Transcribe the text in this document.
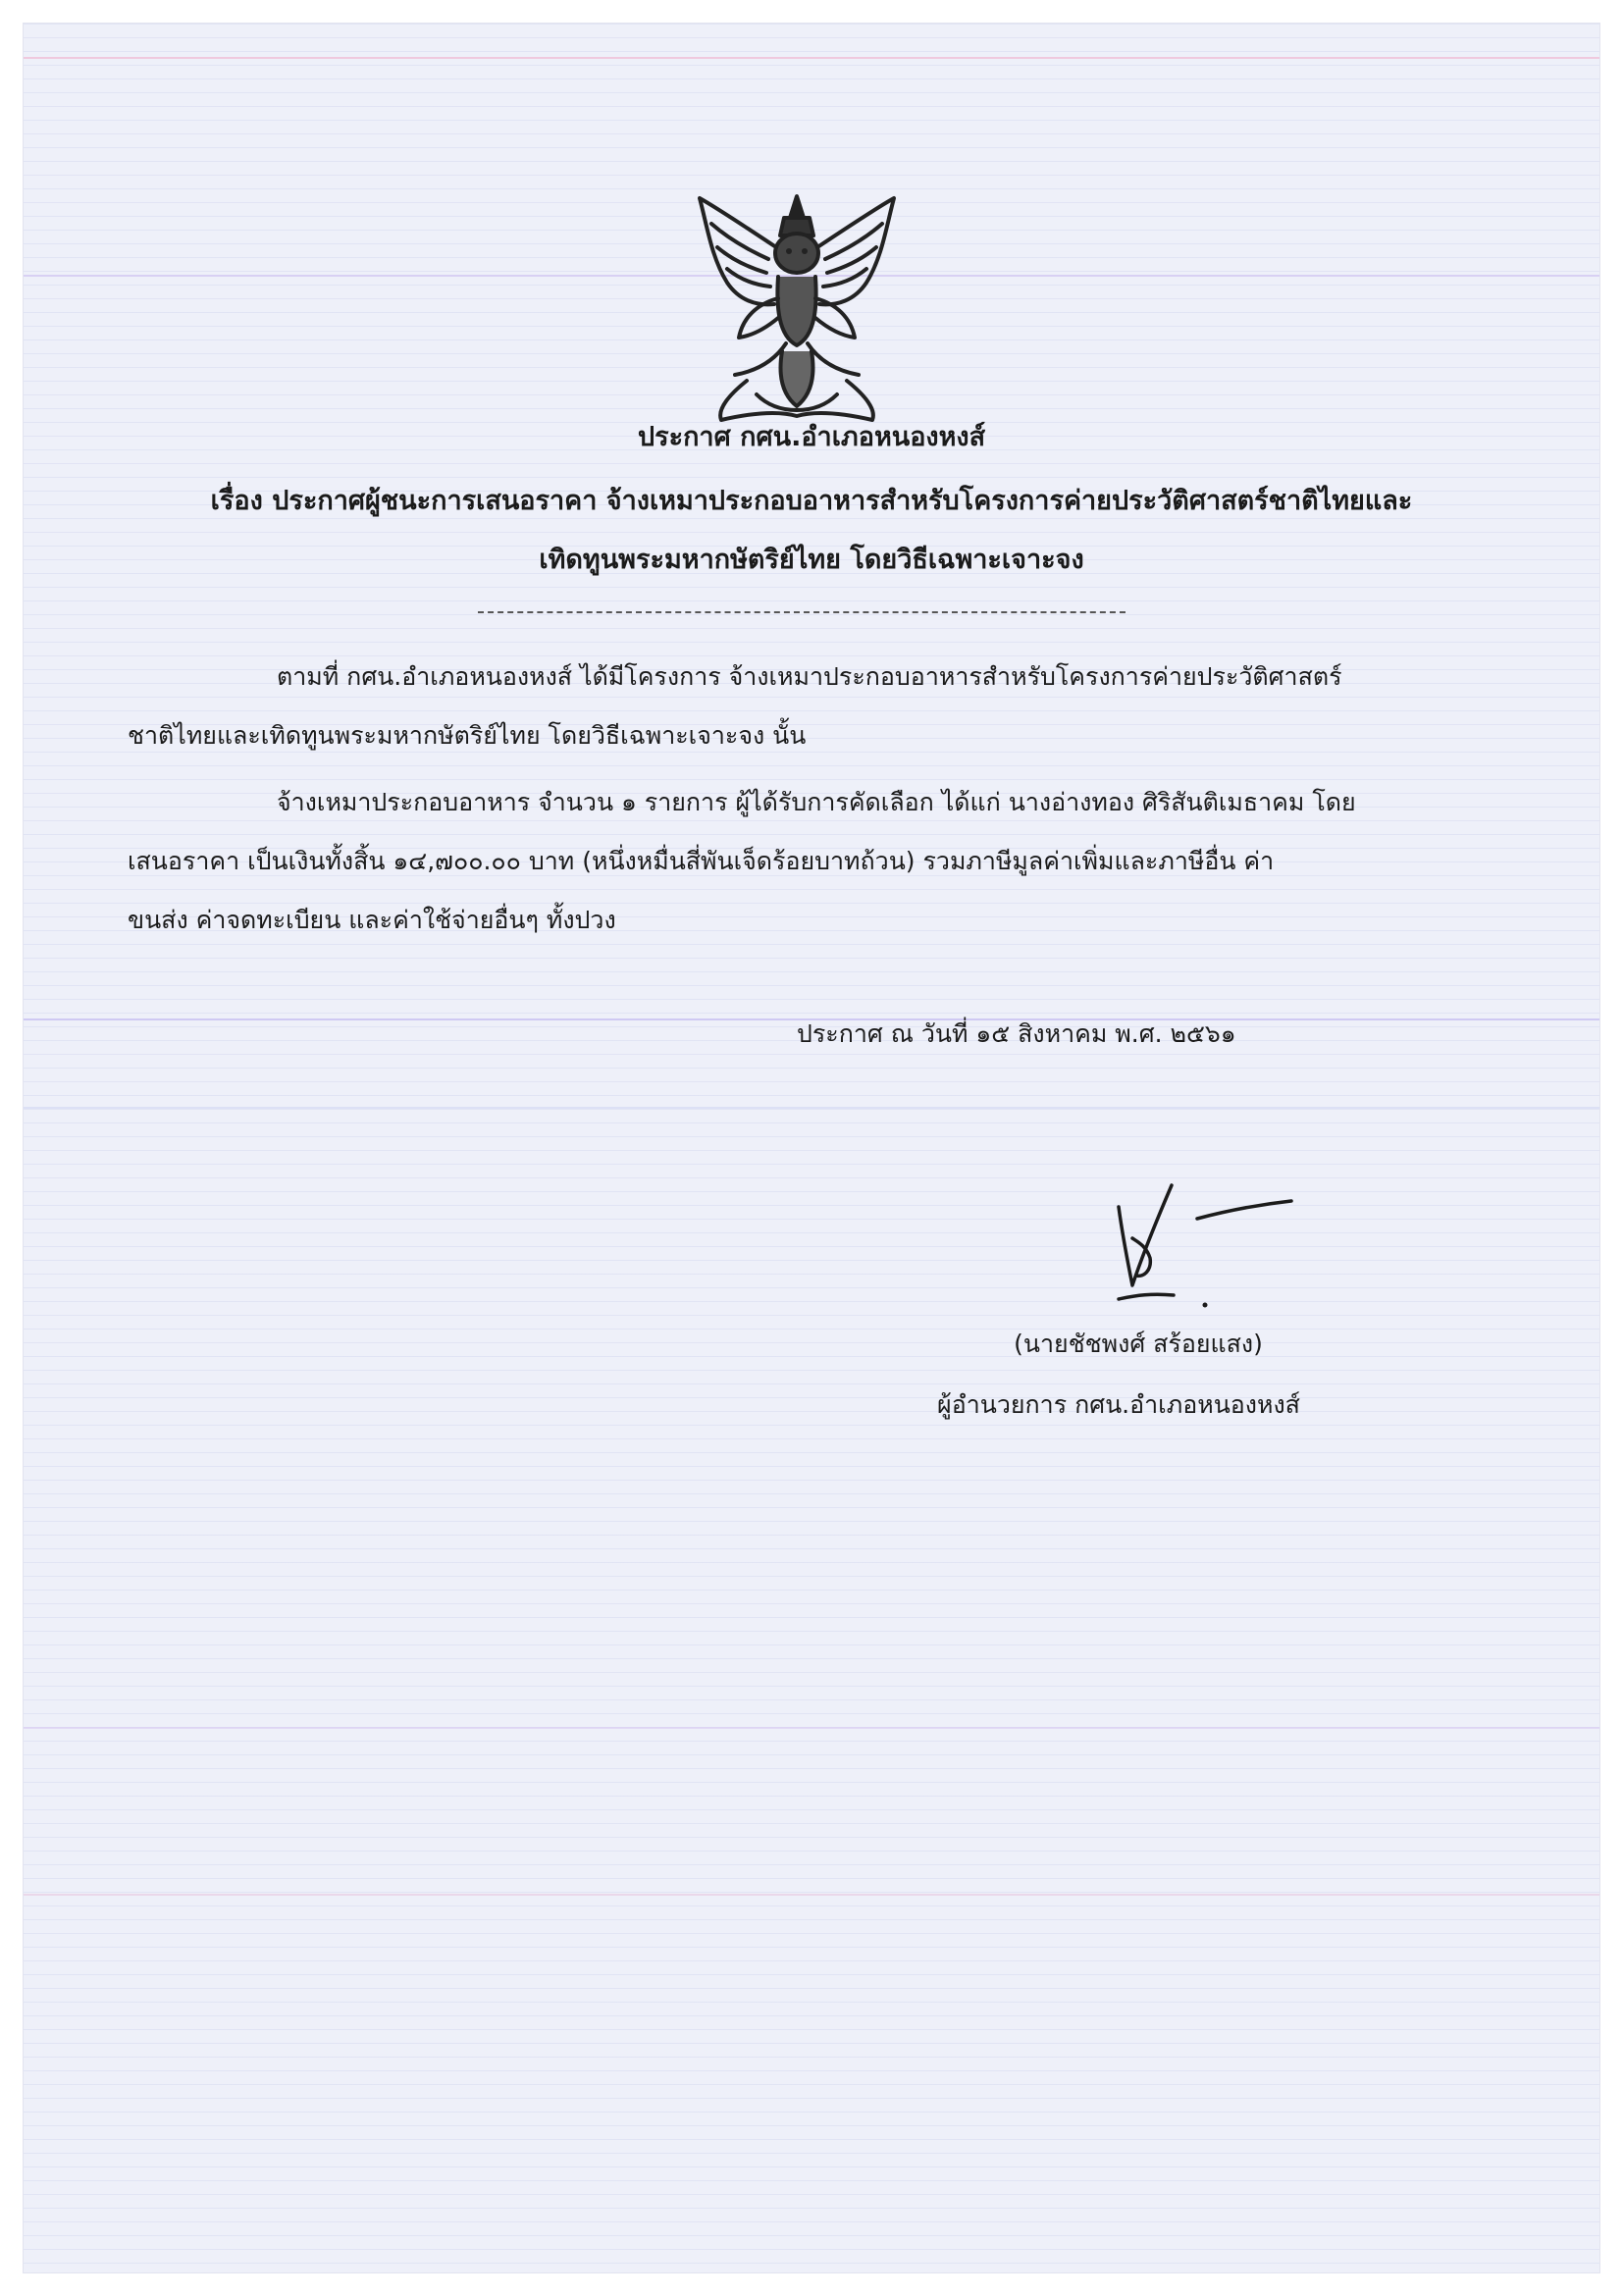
ประกาศ กศน.อำเภอหนองหงส์
เรื่อง ประกาศผู้ชนะการเสนอราคา จ้างเหมาประกอบอาหารสำหรับโครงการค่ายประวัติศาสตร์ชาติไทยและ
เทิดทูนพระมหากษัตริย์ไทย โดยวิธีเฉพาะเจาะจง
ตามที่ กศน.อำเภอหนองหงส์ ได้มีโครงการ จ้างเหมาประกอบอาหารสำหรับโครงการค่ายประวัติศาสตร์
ชาติไทยและเทิดทูนพระมหากษัตริย์ไทย โดยวิธีเฉพาะเจาะจง นั้น
จ้างเหมาประกอบอาหาร จำนวน ๑ รายการ ผู้ได้รับการคัดเลือก ได้แก่ นางอ่างทอง ศิริสันติเมธาคม โดย
เสนอราคา เป็นเงินทั้งสิ้น ๑๔,๗๐๐.๐๐ บาท (หนึ่งหมื่นสี่พันเจ็ดร้อยบาทถ้วน) รวมภาษีมูลค่าเพิ่มและภาษีอื่น ค่า
ขนส่ง ค่าจดทะเบียน และค่าใช้จ่ายอื่นๆ ทั้งปวง
ประกาศ ณ วันที่ ๑๕ สิงหาคม พ.ศ. ๒๕๖๑
(นายชัชพงศ์ สร้อยแสง)
ผู้อำนวยการ กศน.อำเภอหนองหงส์
